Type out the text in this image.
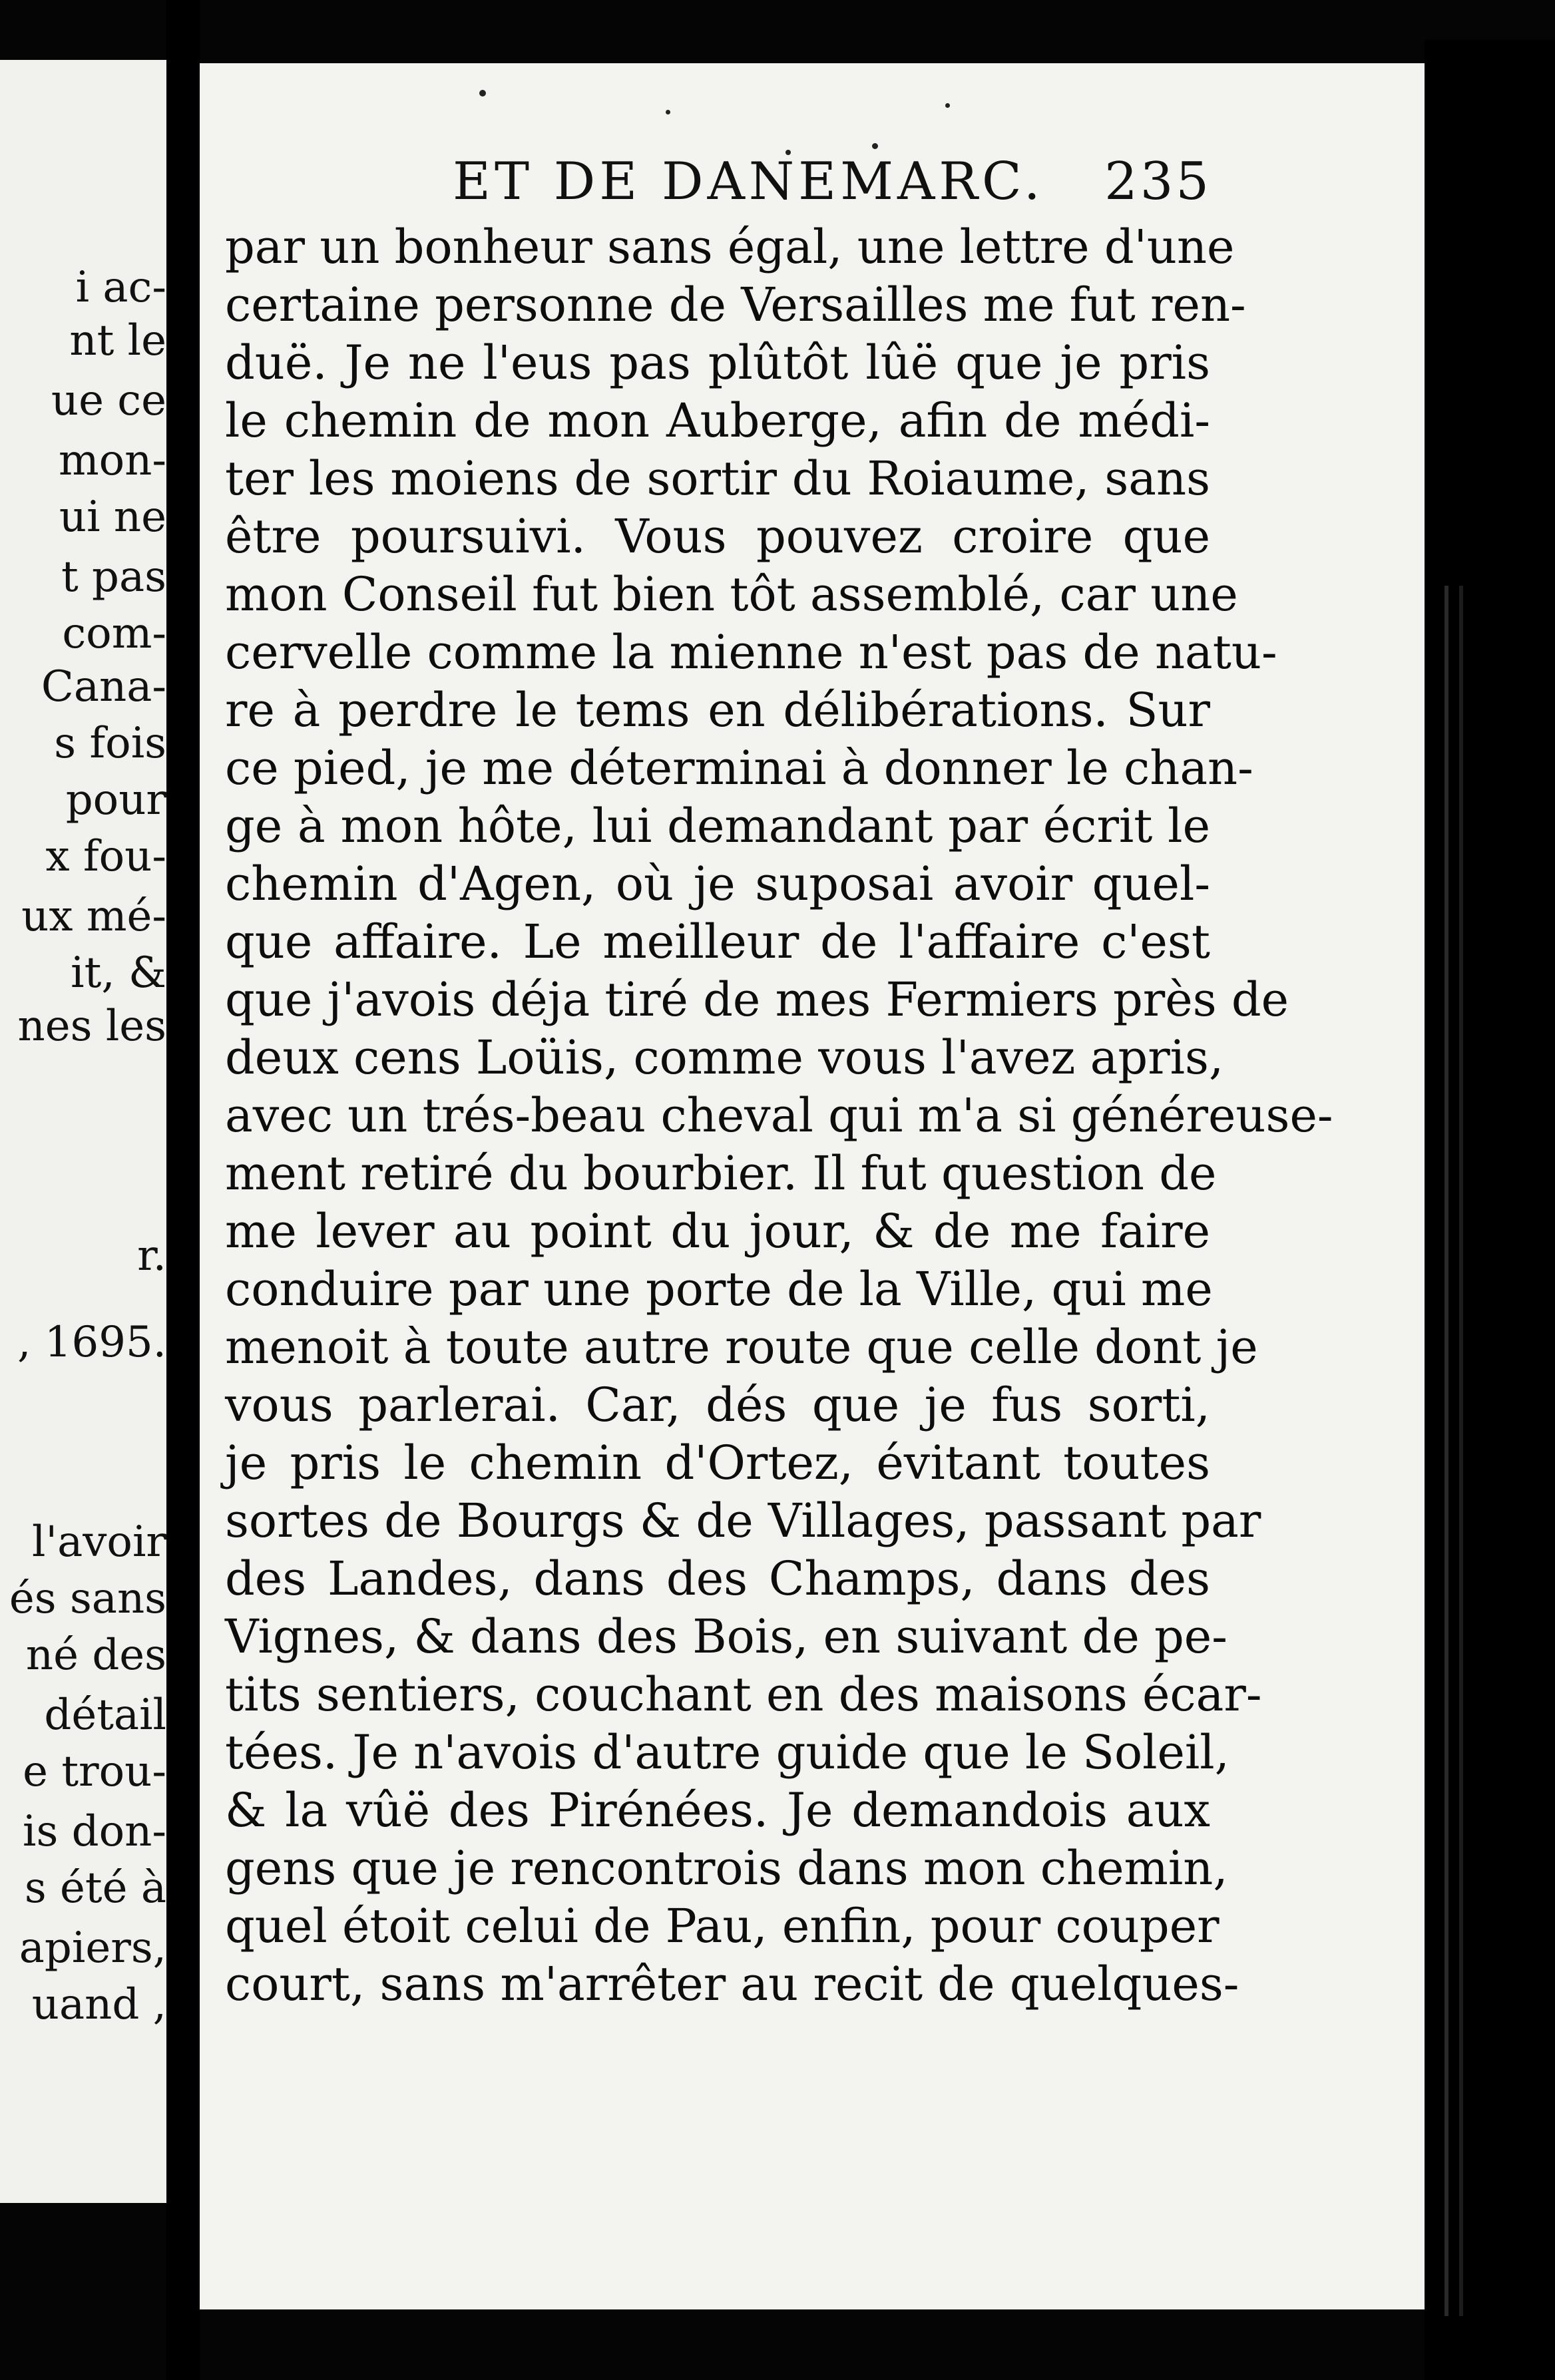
i ac-
nt le
ue ce
mon-
ui ne
t pas
com-
Cana-
s fois
pour
x fou-
ux mé-
it, &
nes les
r.
, 1695.
l'avoir
és sans
né des
détail
e trou-
is don-
s été à
apiers,
uand ,
ET DE DANEMARC. 235
par un bonheur sans égal, une lettre d'une
certaine personne de Versailles me fut ren-
duë. Je ne l'eus pas plûtôt lûë que je pris
le chemin de mon Auberge, afin de médi-
ter les moiens de sortir du Roiaume, sans
être poursuivi. Vous pouvez croire que
mon Conseil fut bien tôt assemblé, car une
cervelle comme la mienne n'est pas de natu-
re à perdre le tems en délibérations. Sur
ce pied, je me déterminai à donner le chan-
ge à mon hôte, lui demandant par écrit le
chemin d'Agen, où je suposai avoir quel-
que affaire. Le meilleur de l'affaire c'est
que j'avois déja tiré de mes Fermiers près de
deux cens Loüis, comme vous l'avez apris,
avec un trés-beau cheval qui m'a si généreuse-
ment retiré du bourbier. Il fut question de
me lever au point du jour, & de me faire
conduire par une porte de la Ville, qui me
menoit à toute autre route que celle dont je
vous parlerai. Car, dés que je fus sorti,
je pris le chemin d'Ortez, évitant toutes
sortes de Bourgs & de Villages, passant par
des Landes, dans des Champs, dans des
Vignes, & dans des Bois, en suivant de pe-
tits sentiers, couchant en des maisons écar-
tées. Je n'avois d'autre guide que le Soleil,
& la vûë des Pirénées. Je demandois aux
gens que je rencontrois dans mon chemin,
quel étoit celui de Pau, enfin, pour couper
court, sans m'arrêter au recit de quelques-
